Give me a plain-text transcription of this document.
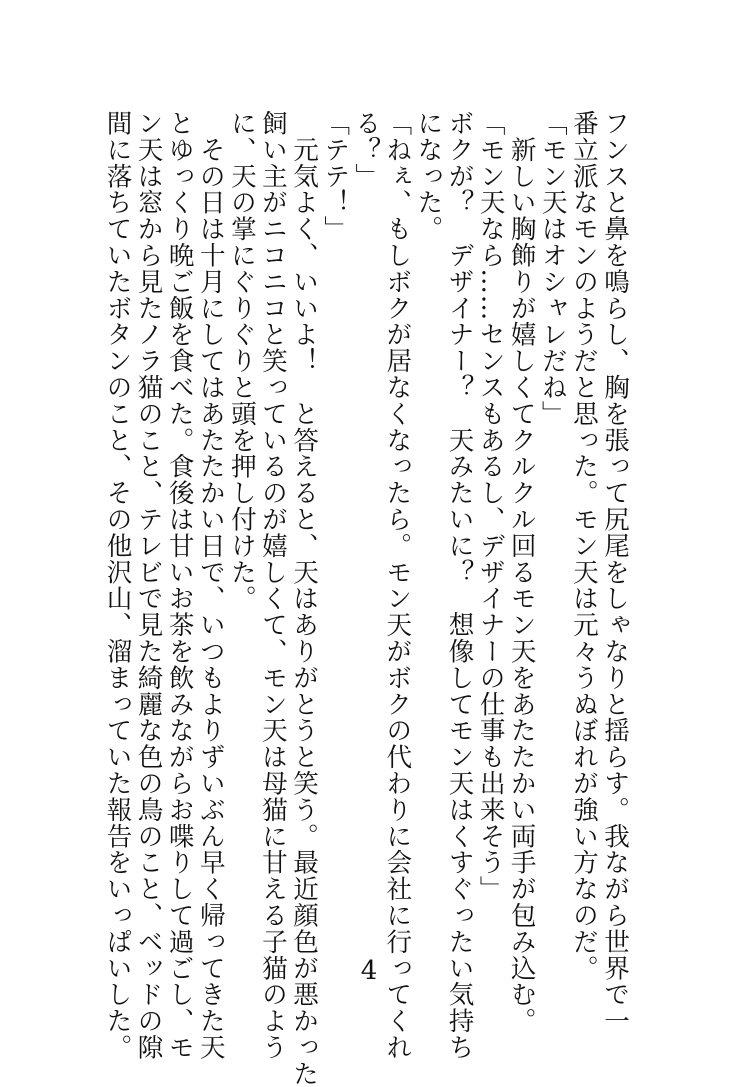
フンスと鼻を鳴らし、胸を張って尻尾をしゃなりと揺らす。我ながら世界で一
番立派なモンのようだと思った。モン天は元々うぬぼれが強い方なのだ。
「モン天はオシャレだね」
　新しい胸飾りが嬉しくてクルクル回るモン天をあたたかい両手が包み込む。
「モン天なら……センスもあるし、デザイナーの仕事も出来そう」
ボクが？　デザイナー？　天みたいに？　想像してモン天はくすぐったい気持ち
になった。
「ねぇ、もしボクが居なくなったら。モン天がボクの代わりに会社に行ってくれ
る？」
「テテ！」
　元気よく、いいよ！　と答えると、天はありがとうと笑う。最近顔色が悪かった
飼い主がニコニコと笑っているのが嬉しくて、モン天は母猫に甘える子猫のよう
に、天の掌にぐりぐりと頭を押し付けた。
　その日は十月にしてはあたたかい日で、いつもよりずいぶん早く帰ってきた天
とゆっくり晩ご飯を食べた。食後は甘いお茶を飲みながらお喋りして過ごし、モ
ン天は窓から見たノラ猫のこと、テレビで見た綺麗な色の鳥のこと、ベッドの隙
間に落ちていたボタンのこと、その他沢山、溜まっていた報告をいっぱいした。	4
